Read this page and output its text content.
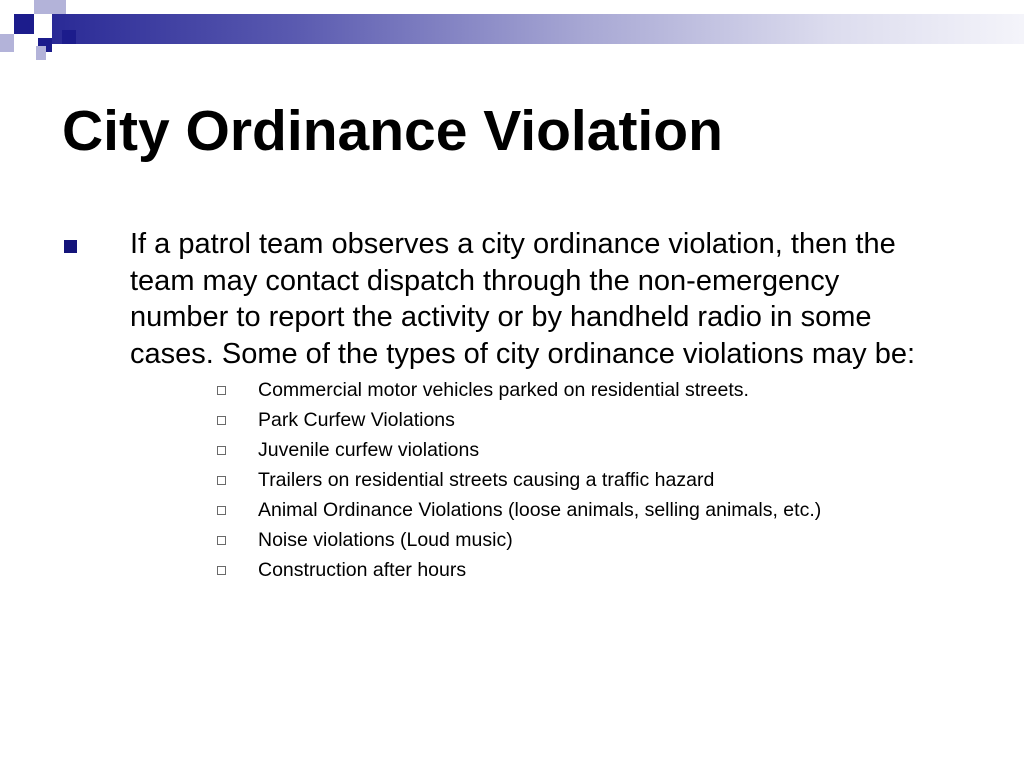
City Ordinance Violation
If a patrol team observes a city ordinance violation, then the team may contact dispatch through the non-emergency number to report the activity or by handheld radio in some cases. Some of the types of city ordinance violations may be:
Commercial motor vehicles parked on residential streets.
Park Curfew Violations
Juvenile curfew violations
Trailers on residential streets causing a traffic hazard
Animal Ordinance Violations (loose animals, selling animals, etc.)
Noise violations (Loud music)
Construction after hours
